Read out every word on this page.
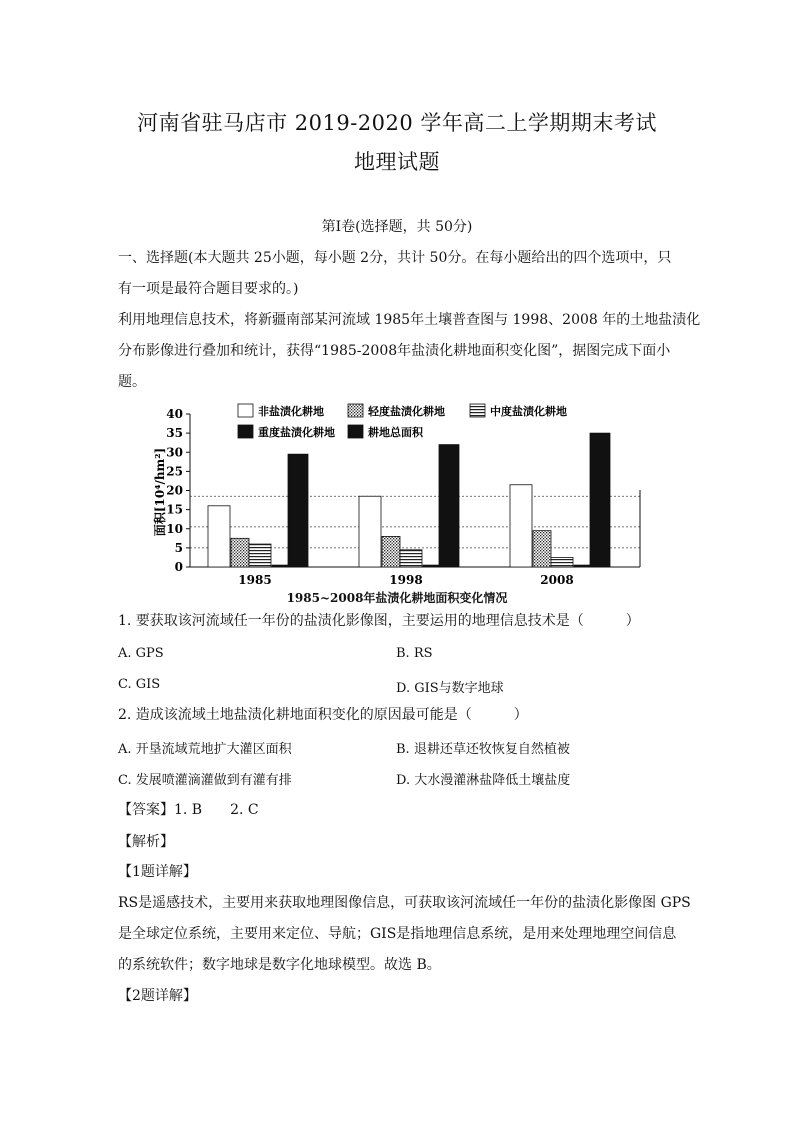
河南省驻马店市 2019-2020 学年高二上学期期末考试
地理试题
第Ⅰ卷(选择题，共 50分)
一、选择题(本大题共 25小题，每小题 2分，共计 50分。在每小题给出的四个选项中，只
有一项是最符合题目要求的。)
利用地理信息技术，将新疆南部某河流域 1985年土壤普查图与 1998、2008 年的土地盐渍化
分布影像进行叠加和统计，获得“1985-2008年盐渍化耕地面积变化图”，据图完成下面小
题。
0
5
10
15
20
25
30
35
40
1985	1998	2008
非盐渍化耕地	轻度盐渍化耕地	中度盐渍化耕地
重度盐渍化耕地	耕地总面积
面积[10⁴/hm²]
1985~2008年盐渍化耕地面积变化情况
1. 要获取该河流域任一年份的盐渍化影像图，主要运用的地理信息技术是（　　　）
A. GPS	B. RS
C. GIS	D. GIS与数字地球
2. 造成该流域土地盐渍化耕地面积变化的原因最可能是（　　　）
A. 开垦流域荒地扩大灌区面积	B. 退耕还草还牧恢复自然植被
C. 发展喷灌滴灌做到有灌有排	D. 大水漫灌淋盐降低土壤盐度
【答案】1. B　　2. C
【解析】
【1题详解】
RS是遥感技术，主要用来获取地理图像信息，可获取该河流域任一年份的盐渍化影像图 GPS
是全球定位系统，主要用来定位、导航；GIS是指地理信息系统，是用来处理地理空间信息
的系统软件；数字地球是数字化地球模型。故选 B。
【2题详解】
